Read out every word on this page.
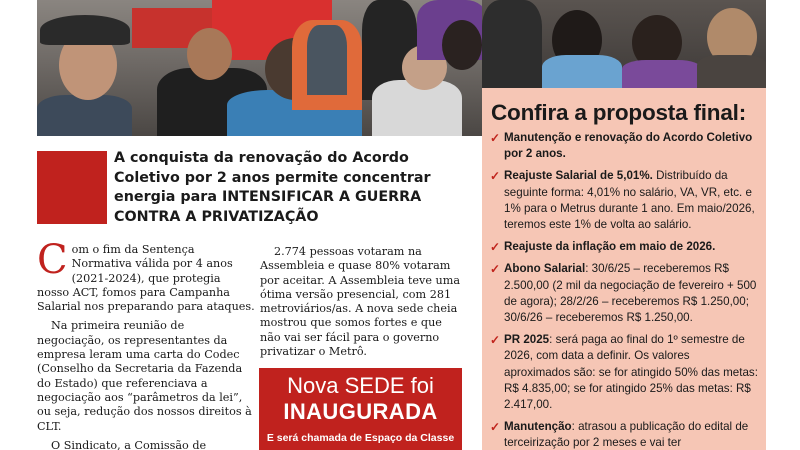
Confira a proposta final:
✓ Manutenção e renovação do Acordo Coletivo por 2 anos.
✓ Reajuste Salarial de 5,01%. Distribuído da seguinte forma: 4,01% no salário, VA, VR, etc. e 1% para o Metrus durante 1 ano. Em maio/2026, teremos este 1% de volta ao salário.
✓ Reajuste da inflação em maio de 2026.
✓ Abono Salarial: 30/6/25 – receberemos R$ 2.500,00 (2 mil da negociação de fevereiro + 500 de agora); 28/2/26 – receberemos R$ 1.250,00; 30/6/26 – receberemos R$ 1.250,00.
✓ PR 2025: será paga ao final do 1º semestre de 2026, com data a definir. Os valores aproximados são: se for atingido 50% das metas: R$ 4.835,00; se for atingido 25% das metas: R$ 2.417,00.
✓ Manutenção: atrasou a publicação do edital de terceirização por 2 meses e vai ter
A conquista da renovação do Acordo Coletivo por 2 anos permite concentrar energia para INTENSIFICAR A GUERRA CONTRA A PRIVATIZAÇÃO

Com o fim da Sentença Normativa válida por 4 anos (2021-2024), que protegia nosso ACT, fomos para Campanha Salarial nos preparando para ataques.

Na primeira reunião de negociação, os representantes da empresa leram uma carta do Codec (Conselho da Secretaria da Fazenda do Estado) que referenciava a negociação aos “parâmetros da lei”, ou seja, redução dos nossos direitos à CLT.

O Sindicato, a Comissão de

2.774 pessoas votaram na Assembleia e quase 80% votaram por aceitar. A Assembleia teve uma ótima versão presencial, com 281 metroviários/as. A nova sede cheia mostrou que somos fortes e que não vai ser fácil para o governo privatizar o Metrô.

Nova SEDE foi
INAUGURADA
E será chamada de Espaço da Classe
